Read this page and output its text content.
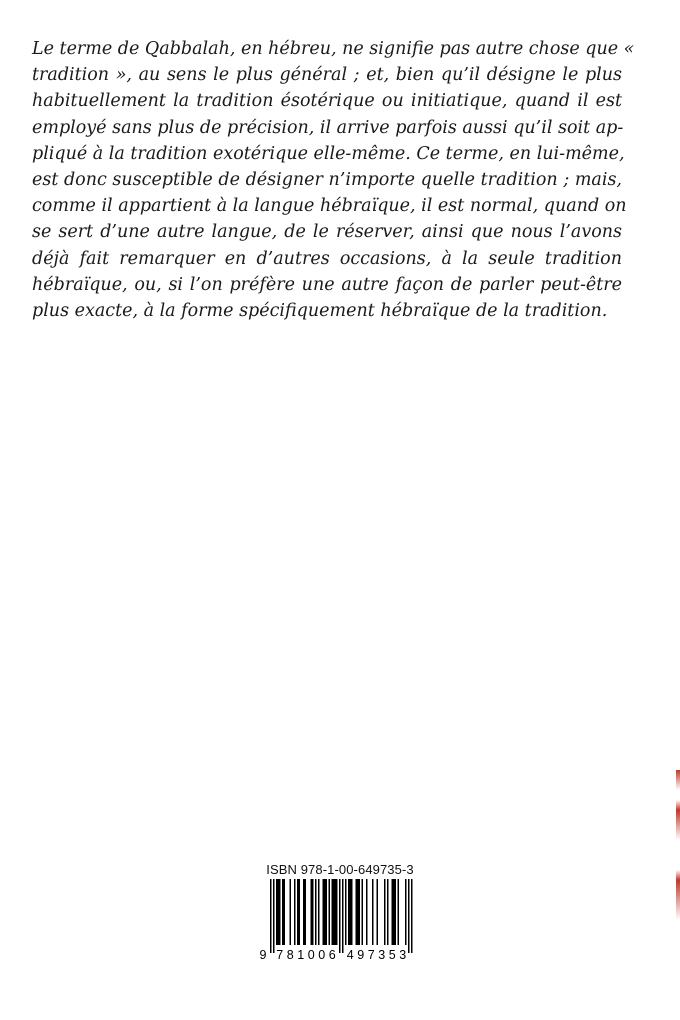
Le terme de Qabbalah, en hébreu, ne signifie pas autre chose que «
tradition », au sens le plus général ; et, bien qu’il désigne le plus
habituellement la tradition ésotérique ou initiatique, quand il est
employé sans plus de précision, il arrive parfois aussi qu’il soit ap-
pliqué à la tradition exotérique elle-même. Ce terme, en lui-même,
est donc susceptible de désigner n’importe quelle tradition ; mais,
comme il appartient à la langue hébraïque, il est normal, quand on
se sert d’une autre langue, de le réserver, ainsi que nous l’avons
déjà fait remarquer en d’autres occasions, à la seule tradition
hébraïque, ou, si l’on préfère une autre façon de parler peut-être
plus exacte, à la forme spécifiquement hébraïque de la tradition.
ISBN 978-1-00-649735-3
9 7 8 1 0 0 6 4 9 7 3 5 3
